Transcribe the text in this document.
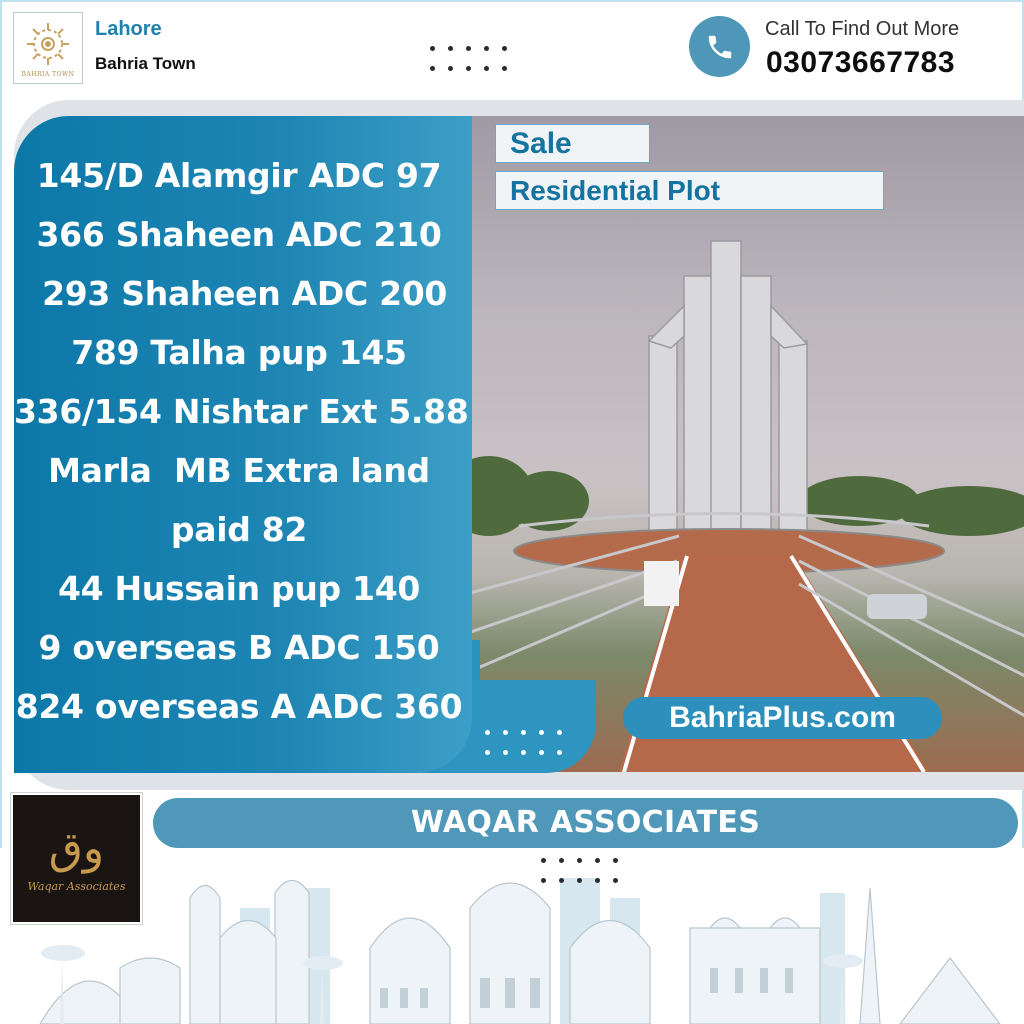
BAHRIA TOWN
Lahore
Bahria Town
Call To Find Out More
03073667783
145/D Alamgir ADC 97
366 Shaheen ADC 210
293 Shaheen ADC 200
789 Talha pup 145
336/154 Nishtar Ext 5.88
Marla  MB Extra land
paid 82
44 Hussain pup 140
9 overseas B ADC 150
824 overseas A ADC 360
Sale
Residential Plot
BahriaPlus.com
WAQAR ASSOCIATES
وق
Waqar Associates
